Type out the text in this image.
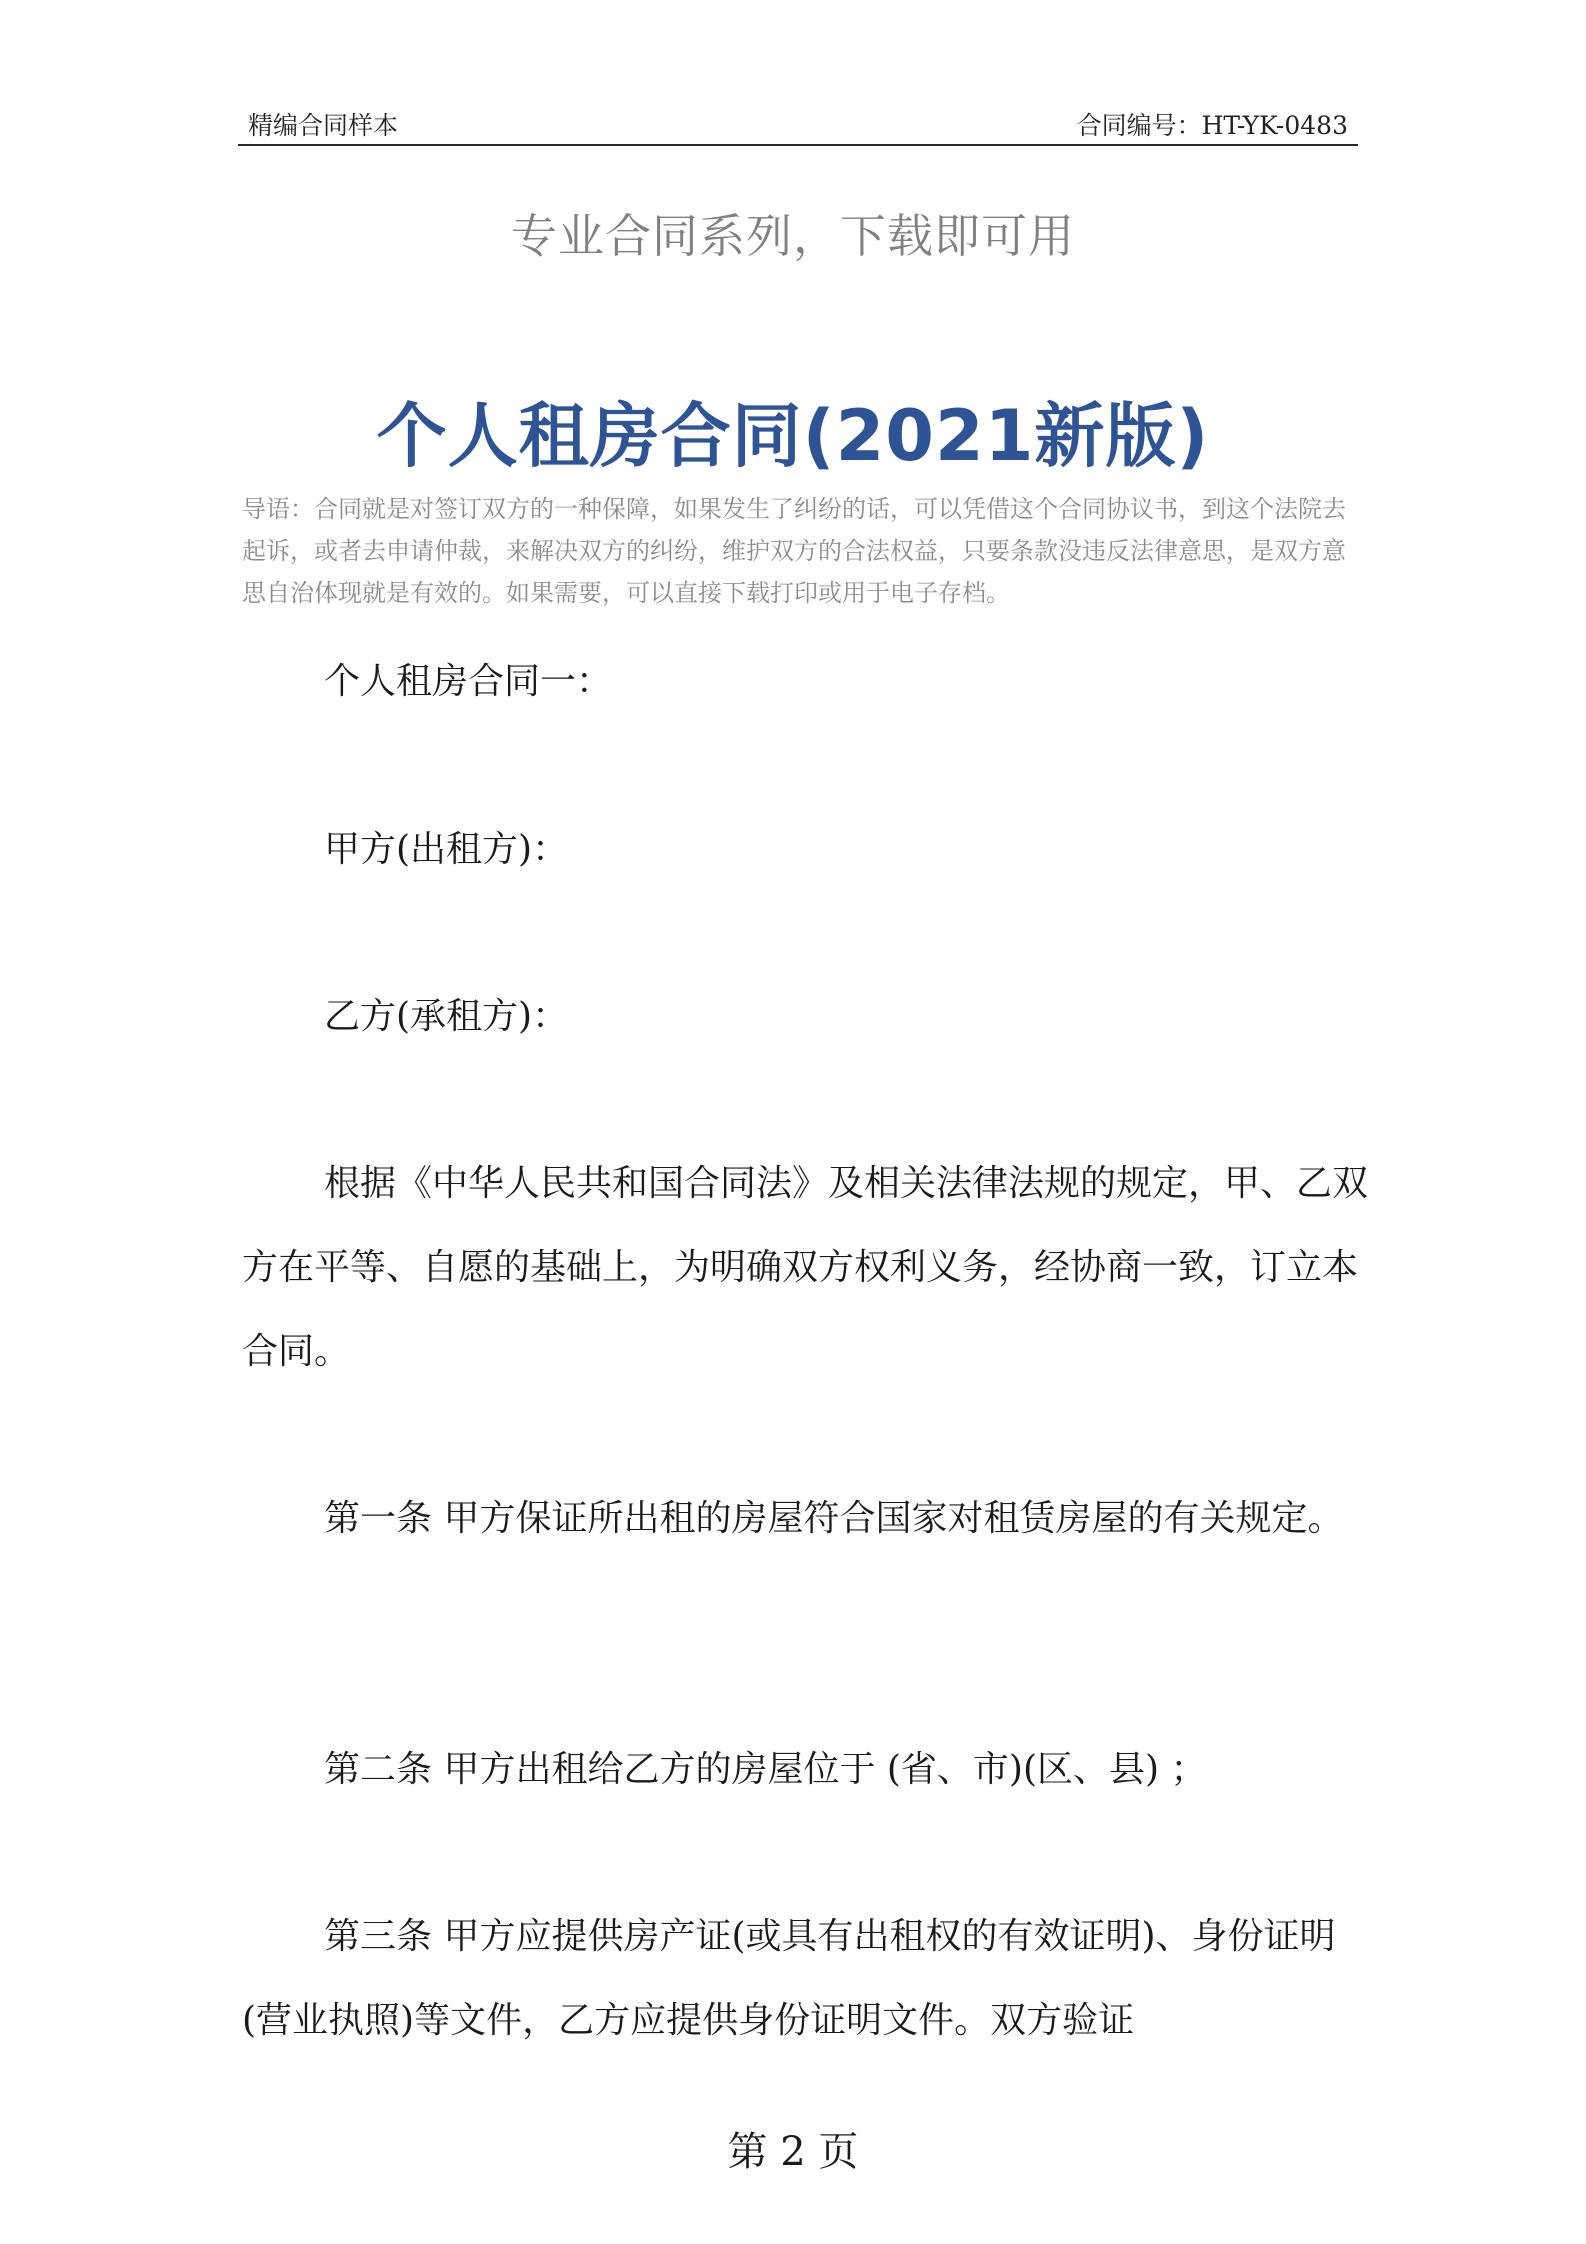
精编合同样本	合同编号：HT-YK-0483
专业合同系列，下载即可用
个人租房合同(2021新版)
导语：合同就是对签订双方的一种保障，如果发生了纠纷的话，可以凭借这个合同协议书，到这个法院去起诉，或者去申请仲裁，来解决双方的纠纷，维护双方的合法权益，只要条款没违反法律意思，是双方意思自治体现就是有效的。如果需要，可以直接下载打印或用于电子存档。
个人租房合同一：
甲方(出租方)：
乙方(承租方)：
根据《中华人民共和国合同法》及相关法律法规的规定，甲、乙双方在平等、自愿的基础上，为明确双方权利义务，经协商一致，订立本合同。
第一条 甲方保证所出租的房屋符合国家对租赁房屋的有关规定。
第二条 甲方出租给乙方的房屋位于 (省、市)(区、县) ；
第三条 甲方应提供房产证(或具有出租权的有效证明)、身份证明(营业执照)等文件，乙方应提供身份证明文件。双方验证
第 2 页
